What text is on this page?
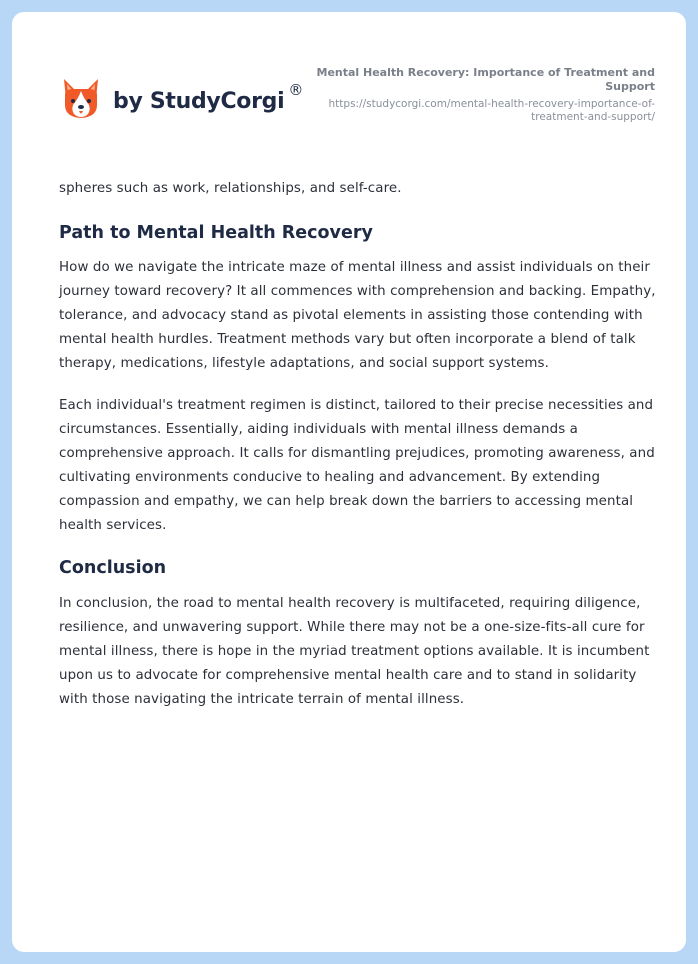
by StudyCorgi ®
Mental Health Recovery: Importance of Treatment and Support
https://studycorgi.com/mental-health-recovery-importance-of-treatment-and-support/

spheres such as work, relationships, and self-care.

Path to Mental Health Recovery

How do we navigate the intricate maze of mental illness and assist individuals on their journey toward recovery? It all commences with comprehension and backing. Empathy, tolerance, and advocacy stand as pivotal elements in assisting those contending with mental health hurdles. Treatment methods vary but often incorporate a blend of talk therapy, medications, lifestyle adaptations, and social support systems.

Each individual's treatment regimen is distinct, tailored to their precise necessities and circumstances. Essentially, aiding individuals with mental illness demands a comprehensive approach. It calls for dismantling prejudices, promoting awareness, and cultivating environments conducive to healing and advancement. By extending compassion and empathy, we can help break down the barriers to accessing mental health services.

Conclusion

In conclusion, the road to mental health recovery is multifaceted, requiring diligence, resilience, and unwavering support. While there may not be a one-size-fits-all cure for mental illness, there is hope in the myriad treatment options available. It is incumbent upon us to advocate for comprehensive mental health care and to stand in solidarity with those navigating the intricate terrain of mental illness.
